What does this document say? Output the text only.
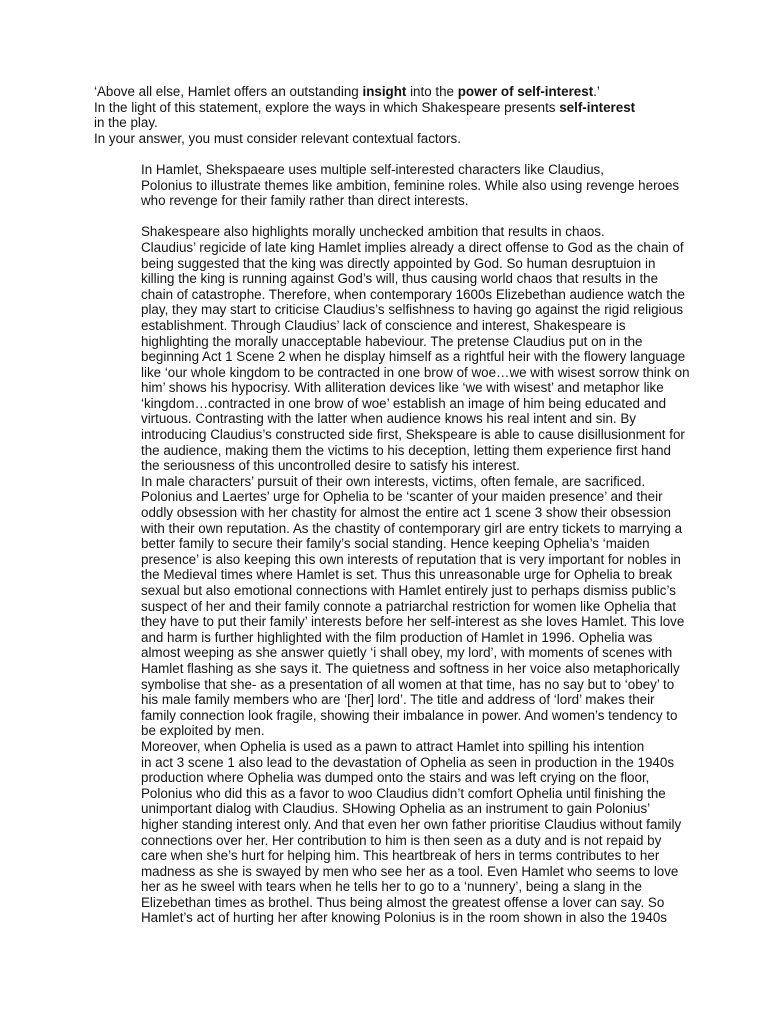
‘Above all else, Hamlet offers an outstanding insight into the power of self-interest.’

In the light of this statement, explore the ways in which Shakespeare presents self-interest

in the play.

In your answer, you must consider relevant contextual factors.

In Hamlet, Shekspaeare uses multiple self-interested characters like Claudius,
Polonius to illustrate themes like ambition, feminine roles. While also using revenge heroes
who revenge for their family rather than direct interests.
Shakespeare also highlights morally unchecked ambition that results in chaos.
Claudius’ regicide of late king Hamlet implies already a direct offense to God as the chain of
being suggested that the king was directly appointed by God. So human desruptuion in
killing the king is running against God’s will, thus causing world chaos that results in the
chain of catastrophe. Therefore, when contemporary 1600s Elizebethan audience watch the
play, they may start to criticise Claudius’s selfishness to having go against the rigid religious
establishment. Through Claudius’ lack of conscience and interest, Shakespeare is
highlighting the morally unacceptable habeviour. The pretense Claudius put on in the
beginning Act 1 Scene 2 when he display himself as a rightful heir with the flowery language
like ‘our whole kingdom to be contracted in one brow of woe…we with wisest sorrow think on
him’ shows his hypocrisy. With alliteration devices like ‘we with wisest’ and metaphor like
‘kingdom…contracted in one brow of woe’ establish an image of him being educated and
virtuous. Contrasting with the latter when audience knows his real intent and sin. By
introducing Claudius’s constructed side first, Shekspeare is able to cause disillusionment for
the audience, making them the victims to his deception, letting them experience first hand
the seriousness of this uncontrolled desire to satisfy his interest.
In male characters’ pursuit of their own interests, victims, often female, are sacrificed.
Polonius and Laertes’ urge for Ophelia to be ‘scanter of your maiden presence’ and their
oddly obsession with her chastity for almost the entire act 1 scene 3 show their obsession
with their own reputation. As the chastity of contemporary girl are entry tickets to marrying a
better family to secure their family’s social standing. Hence keeping Ophelia’s ‘maiden
presence’ is also keeping this own interests of reputation that is very important for nobles in
the Medieval times where Hamlet is set. Thus this unreasonable urge for Ophelia to break
sexual but also emotional connections with Hamlet entirely just to perhaps dismiss public’s
suspect of her and their family connote a patriarchal restriction for women like Ophelia that
they have to put their family’ interests before her self-interest as she loves Hamlet. This love
and harm is further highlighted with the film production of Hamlet in 1996. Ophelia was
almost weeping as she answer quietly ‘i shall obey, my lord’, with moments of scenes with
Hamlet flashing as she says it. The quietness and softness in her voice also metaphorically
symbolise that she- as a presentation of all women at that time, has no say but to ‘obey’ to
his male family members who are ‘[her] lord’. The title and address of ‘lord’ makes their
family connection look fragile, showing their imbalance in power. And women’s tendency to
be exploited by men.
Moreover, when Ophelia is used as a pawn to attract Hamlet into spilling his intention
in act 3 scene 1 also lead to the devastation of Ophelia as seen in production in the 1940s
production where Ophelia was dumped onto the stairs and was left crying on the floor,
Polonius who did this as a favor to woo Claudius didn’t comfort Ophelia until finishing the
unimportant dialog with Claudius. SHowing Ophelia as an instrument to gain Polonius’
higher standing interest only. And that even her own father prioritise Claudius without family
connections over her. Her contribution to him is then seen as a duty and is not repaid by
care when she’s hurt for helping him. This heartbreak of hers in terms contributes to her
madness as she is swayed by men who see her as a tool. Even Hamlet who seems to love
her as he sweel with tears when he tells her to go to a ‘nunnery’, being a slang in the
Elizebethan times as brothel. Thus being almost the greatest offense a lover can say. So
Hamlet’s act of hurting her after knowing Polonius is in the room shown in also the 1940s
